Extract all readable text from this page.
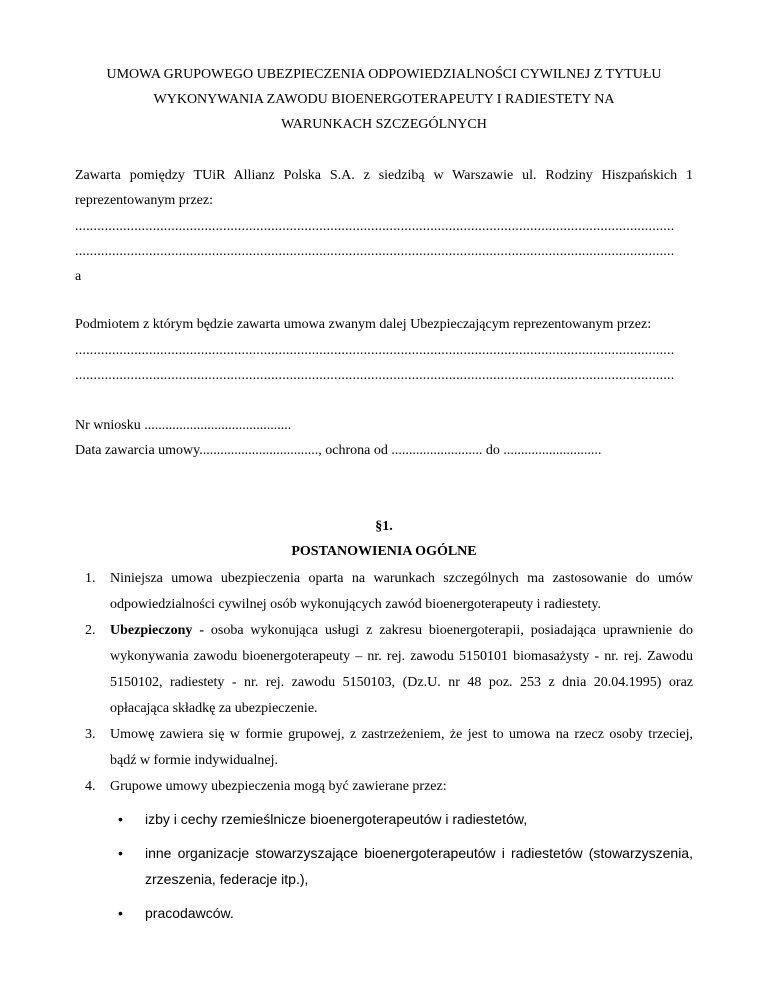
UMOWA GRUPOWEGO UBEZPIECZENIA ODPOWIEDZIALNOŚCI CYWILNEJ Z TYTUŁU
WYKONYWANIA ZAWODU BIOENERGOTERAPEUTY I RADIESTETY NA
WARUNKACH SZCZEGÓLNYCH

Zawarta pomiędzy TUiR Allianz Polska S.A. z siedzibą w Warszawie ul. Rodziny Hiszpańskich 1 reprezentowanym przez:

..................................................................................................................................................................
..................................................................................................................................................................

a

Podmiotem z którym będzie zawarta umowa zwanym dalej Ubezpieczającym reprezentowanym przez:

..................................................................................................................................................................
..................................................................................................................................................................

Nr wniosku ..........................................

Data zawarcia umowy.................................., ochrona od .......................... do ............................

§1.
POSTANOWIENIA OGÓLNE
1. Niniejsza umowa ubezpieczenia oparta na warunkach szczególnych ma zastosowanie do umów odpowiedzialności cywilnej osób wykonujących zawód bioenergoterapeuty i radiestety.
2. Ubezpieczony - osoba wykonująca usługi z zakresu bioenergoterapii, posiadająca uprawnienie do wykonywania zawodu bioenergoterapeuty – nr. rej. zawodu 5150101 biomasażysty - nr. rej. Zawodu 5150102, radiestety - nr. rej. zawodu 5150103, (Dz.U. nr 48 poz. 253 z dnia 20.04.1995) oraz opłacająca składkę za ubezpieczenie.
3. Umowę zawiera się w formie grupowej, z zastrzeżeniem, że jest to umowa na rzecz osoby trzeciej, bądź w formie indywidualnej.
4. Grupowe umowy ubezpieczenia mogą być zawierane przez:
• izby i cechy rzemieślnicze bioenergoterapeutów i radiestetów,
• inne organizacje stowarzyszające bioenergoterapeutów i radiestetów (stowarzyszenia, zrzeszenia, federacje itp.),
• pracodawców.
